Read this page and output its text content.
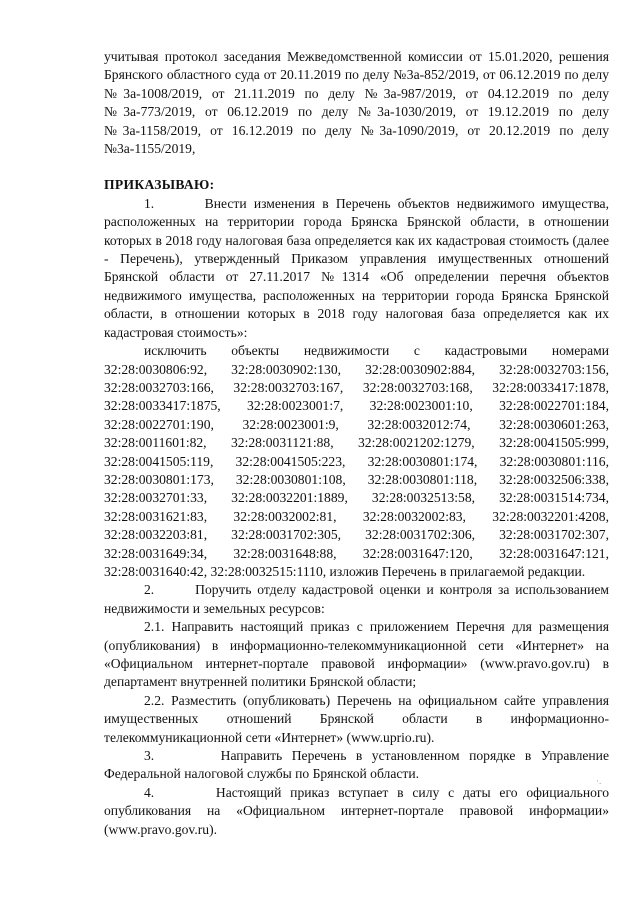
учитывая протокол заседания Межведомственной комиссии от 15.01.2020, решения Брянского областного суда от 20.11.2019 по делу №3а-852/2019, от 06.12.2019 по делу №3а-1008/2019, от 21.11.2019 по делу №3а-987/2019, от 04.12.2019 по делу №3а-773/2019, от 06.12.2019 по делу №3а-1030/2019, от 19.12.2019 по делу №3а-1158/2019, от 16.12.2019 по делу №3а-1090/2019, от 20.12.2019 по делу №3а-1155/2019,

ПРИКАЗЫВАЮ:

1.       Внести изменения в Перечень объектов недвижимого имущества, расположенных на территории города Брянска Брянской области, в отношении которых в 2018 году налоговая база определяется как их кадастровая стоимость (далее - Перечень), утвержденный Приказом управления имущественных отношений Брянской области от 27.11.2017 №1314 «Об определении перечня объектов недвижимого имущества, расположенных на территории города Брянска Брянской области, в отношении которых в 2018 году налоговая база определяется как их кадастровая стоимость»:

исключить объекты недвижимости с кадастровыми номерами 32:28:0030806:92, 32:28:0030902:130, 32:28:0030902:884, 32:28:0032703:156, 32:28:0032703:166, 32:28:0032703:167, 32:28:0032703:168, 32:28:0033417:1878, 32:28:0033417:1875, 32:28:0023001:7, 32:28:0023001:10, 32:28:0022701:184, 32:28:0022701:190, 32:28:0023001:9, 32:28:0032012:74, 32:28:0030601:263, 32:28:0011601:82, 32:28:0031121:88, 32:28:0021202:1279, 32:28:0041505:999, 32:28:0041505:119, 32:28:0041505:223, 32:28:0030801:174, 32:28:0030801:116, 32:28:0030801:173, 32:28:0030801:108, 32:28:0030801:118, 32:28:0032506:338, 32:28:0032701:33, 32:28:0032201:1889, 32:28:0032513:58, 32:28:0031514:734, 32:28:0031621:83, 32:28:0032002:81, 32:28:0032002:83, 32:28:0032201:4208, 32:28:0032203:81, 32:28:0031702:305, 32:28:0031702:306, 32:28:0031702:307, 32:28:0031649:34, 32:28:0031648:88, 32:28:0031647:120, 32:28:0031647:121, 32:28:0031640:42, 32:28:0032515:1110, изложив Перечень в прилагаемой редакции.

2.       Поручить отделу кадастровой оценки и контроля за использованием недвижимости и земельных ресурсов:

2.1. Направить настоящий приказ с приложением Перечня для размещения (опубликования) в информационно-телекоммуникационной сети «Интернет» на «Официальном интернет-портале правовой информации» (www.pravo.gov.ru) в департамент внутренней политики Брянской области;

2.2. Разместить (опубликовать) Перечень на официальном сайте управления имущественных отношений Брянской области в информационно-телекоммуникационной сети «Интернет» (www.uprio.ru).

3.       Направить Перечень в установленном порядке в Управление Федеральной налоговой службы по Брянской области.

4.       Настоящий приказ вступает в силу с даты его официального опубликования на «Официальном интернет-портале правовой информации» (www.pravo.gov.ru).

·.
